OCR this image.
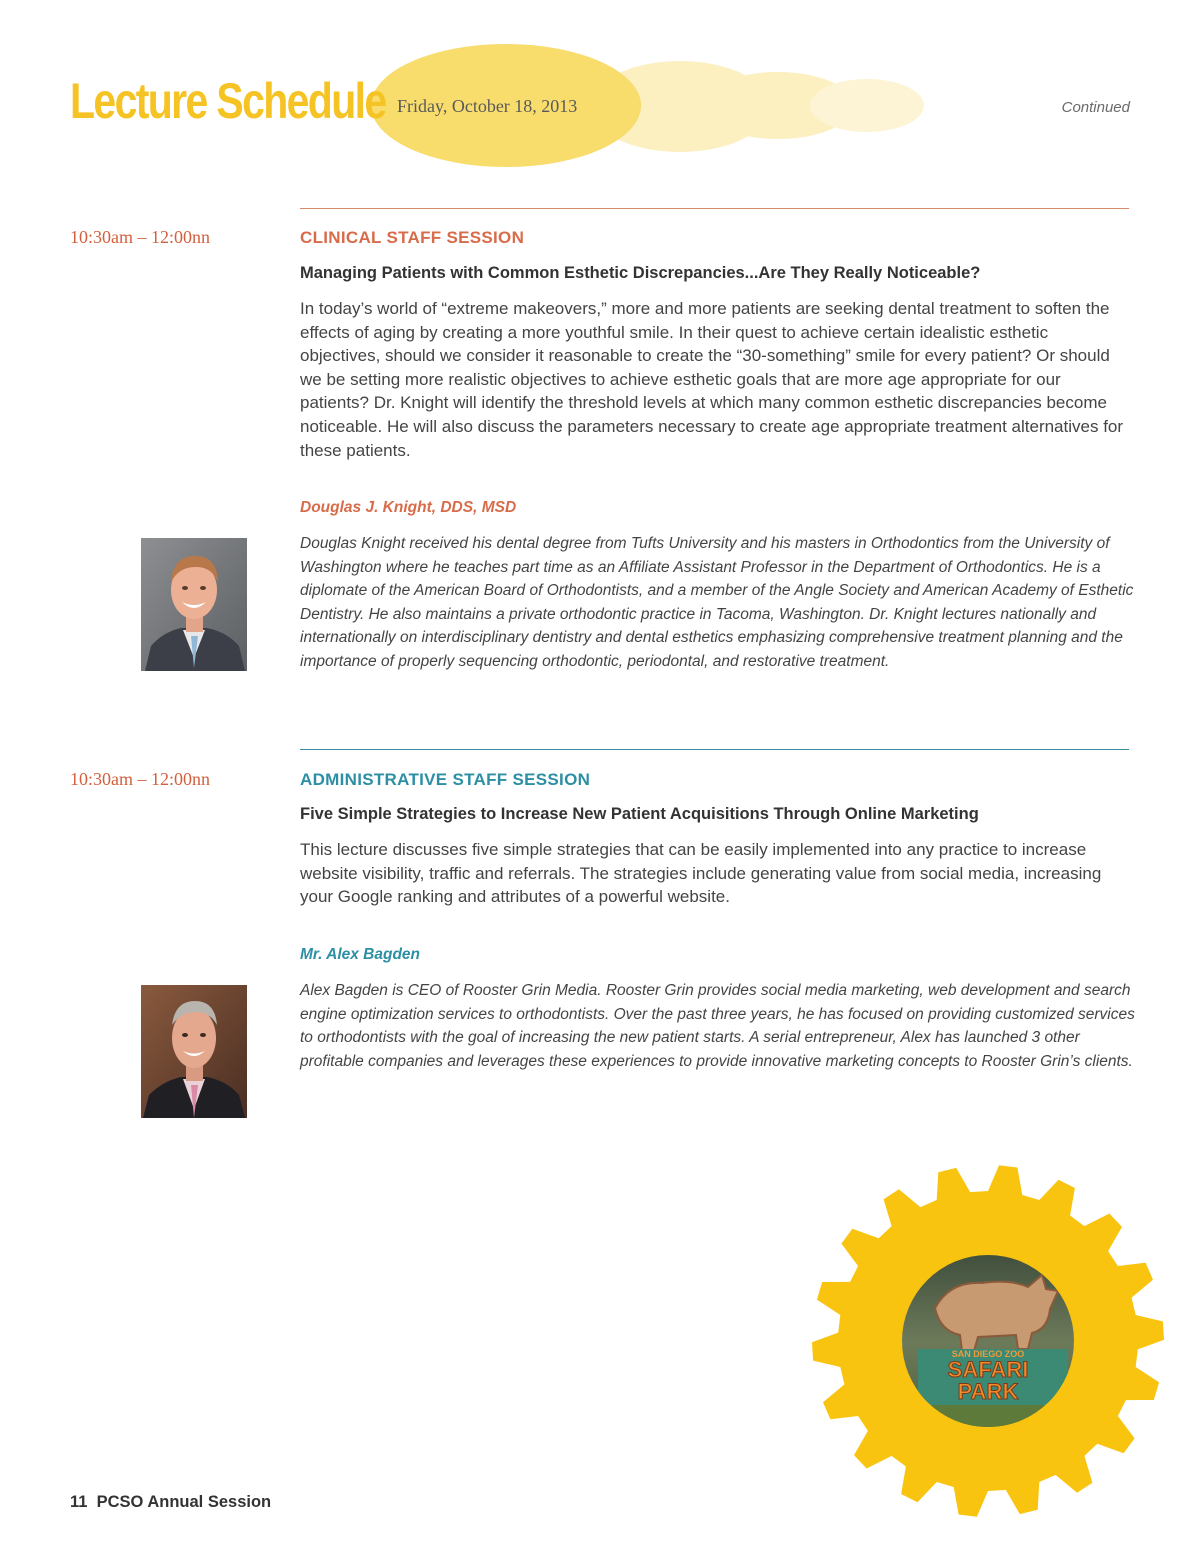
Lecture Schedule Friday, October 18, 2013	Continued
10:30am – 12:00nn	CLINICAL STAFF SESSION
Managing Patients with Common Esthetic Discrepancies...Are They Really Noticeable?
In today’s world of “extreme makeovers,” more and more patients are seeking dental treatment to soften the effects of aging by creating a more youthful smile. In their quest to achieve certain idealistic esthetic objectives, should we consider it reasonable to create the “30-something” smile for every patient? Or should we be setting more realistic objectives to achieve esthetic goals that are more age appropriate for our patients? Dr. Knight will identify the threshold levels at which many common esthetic discrepancies become noticeable. He will also discuss the parameters necessary to create age appropriate treatment alternatives for these patients.
Douglas J. Knight, DDS, MSD
Douglas Knight received his dental degree from Tufts University and his masters in Orthodontics from the University of Washington where he teaches part time as an Affiliate Assistant Professor in the Department of Orthodontics. He is a diplomate of the American Board of Orthodontists, and a member of the Angle Society and American Academy of Esthetic Dentistry. He also maintains a private orthodontic practice in Tacoma, Washington. Dr. Knight lectures nationally and internationally on interdisciplinary dentistry and dental esthetics emphasizing comprehensive treatment planning and the importance of properly sequencing orthodontic, periodontal, and restorative treatment.
10:30am – 12:00nn	ADMINISTRATIVE STAFF SESSION
Five Simple Strategies to Increase New Patient Acquisitions Through Online Marketing
This lecture discusses five simple strategies that can be easily implemented into any practice to increase website visibility, traffic and referrals. The strategies include generating value from social media, increasing your Google ranking and attributes of a powerful website.
Mr. Alex Bagden
Alex Bagden is CEO of Rooster Grin Media. Rooster Grin provides social media marketing, web development and search engine optimization services to orthodontists. Over the past three years, he has focused on providing customized services to orthodontists with the goal of increasing the new patient starts. A serial entrepreneur, Alex has launched 3 other profitable companies and leverages these experiences to provide innovative marketing concepts to Rooster Grin’s clients.
SAN DIEGO ZOO
SAFARI
PARK
11 PCSO Annual Session
